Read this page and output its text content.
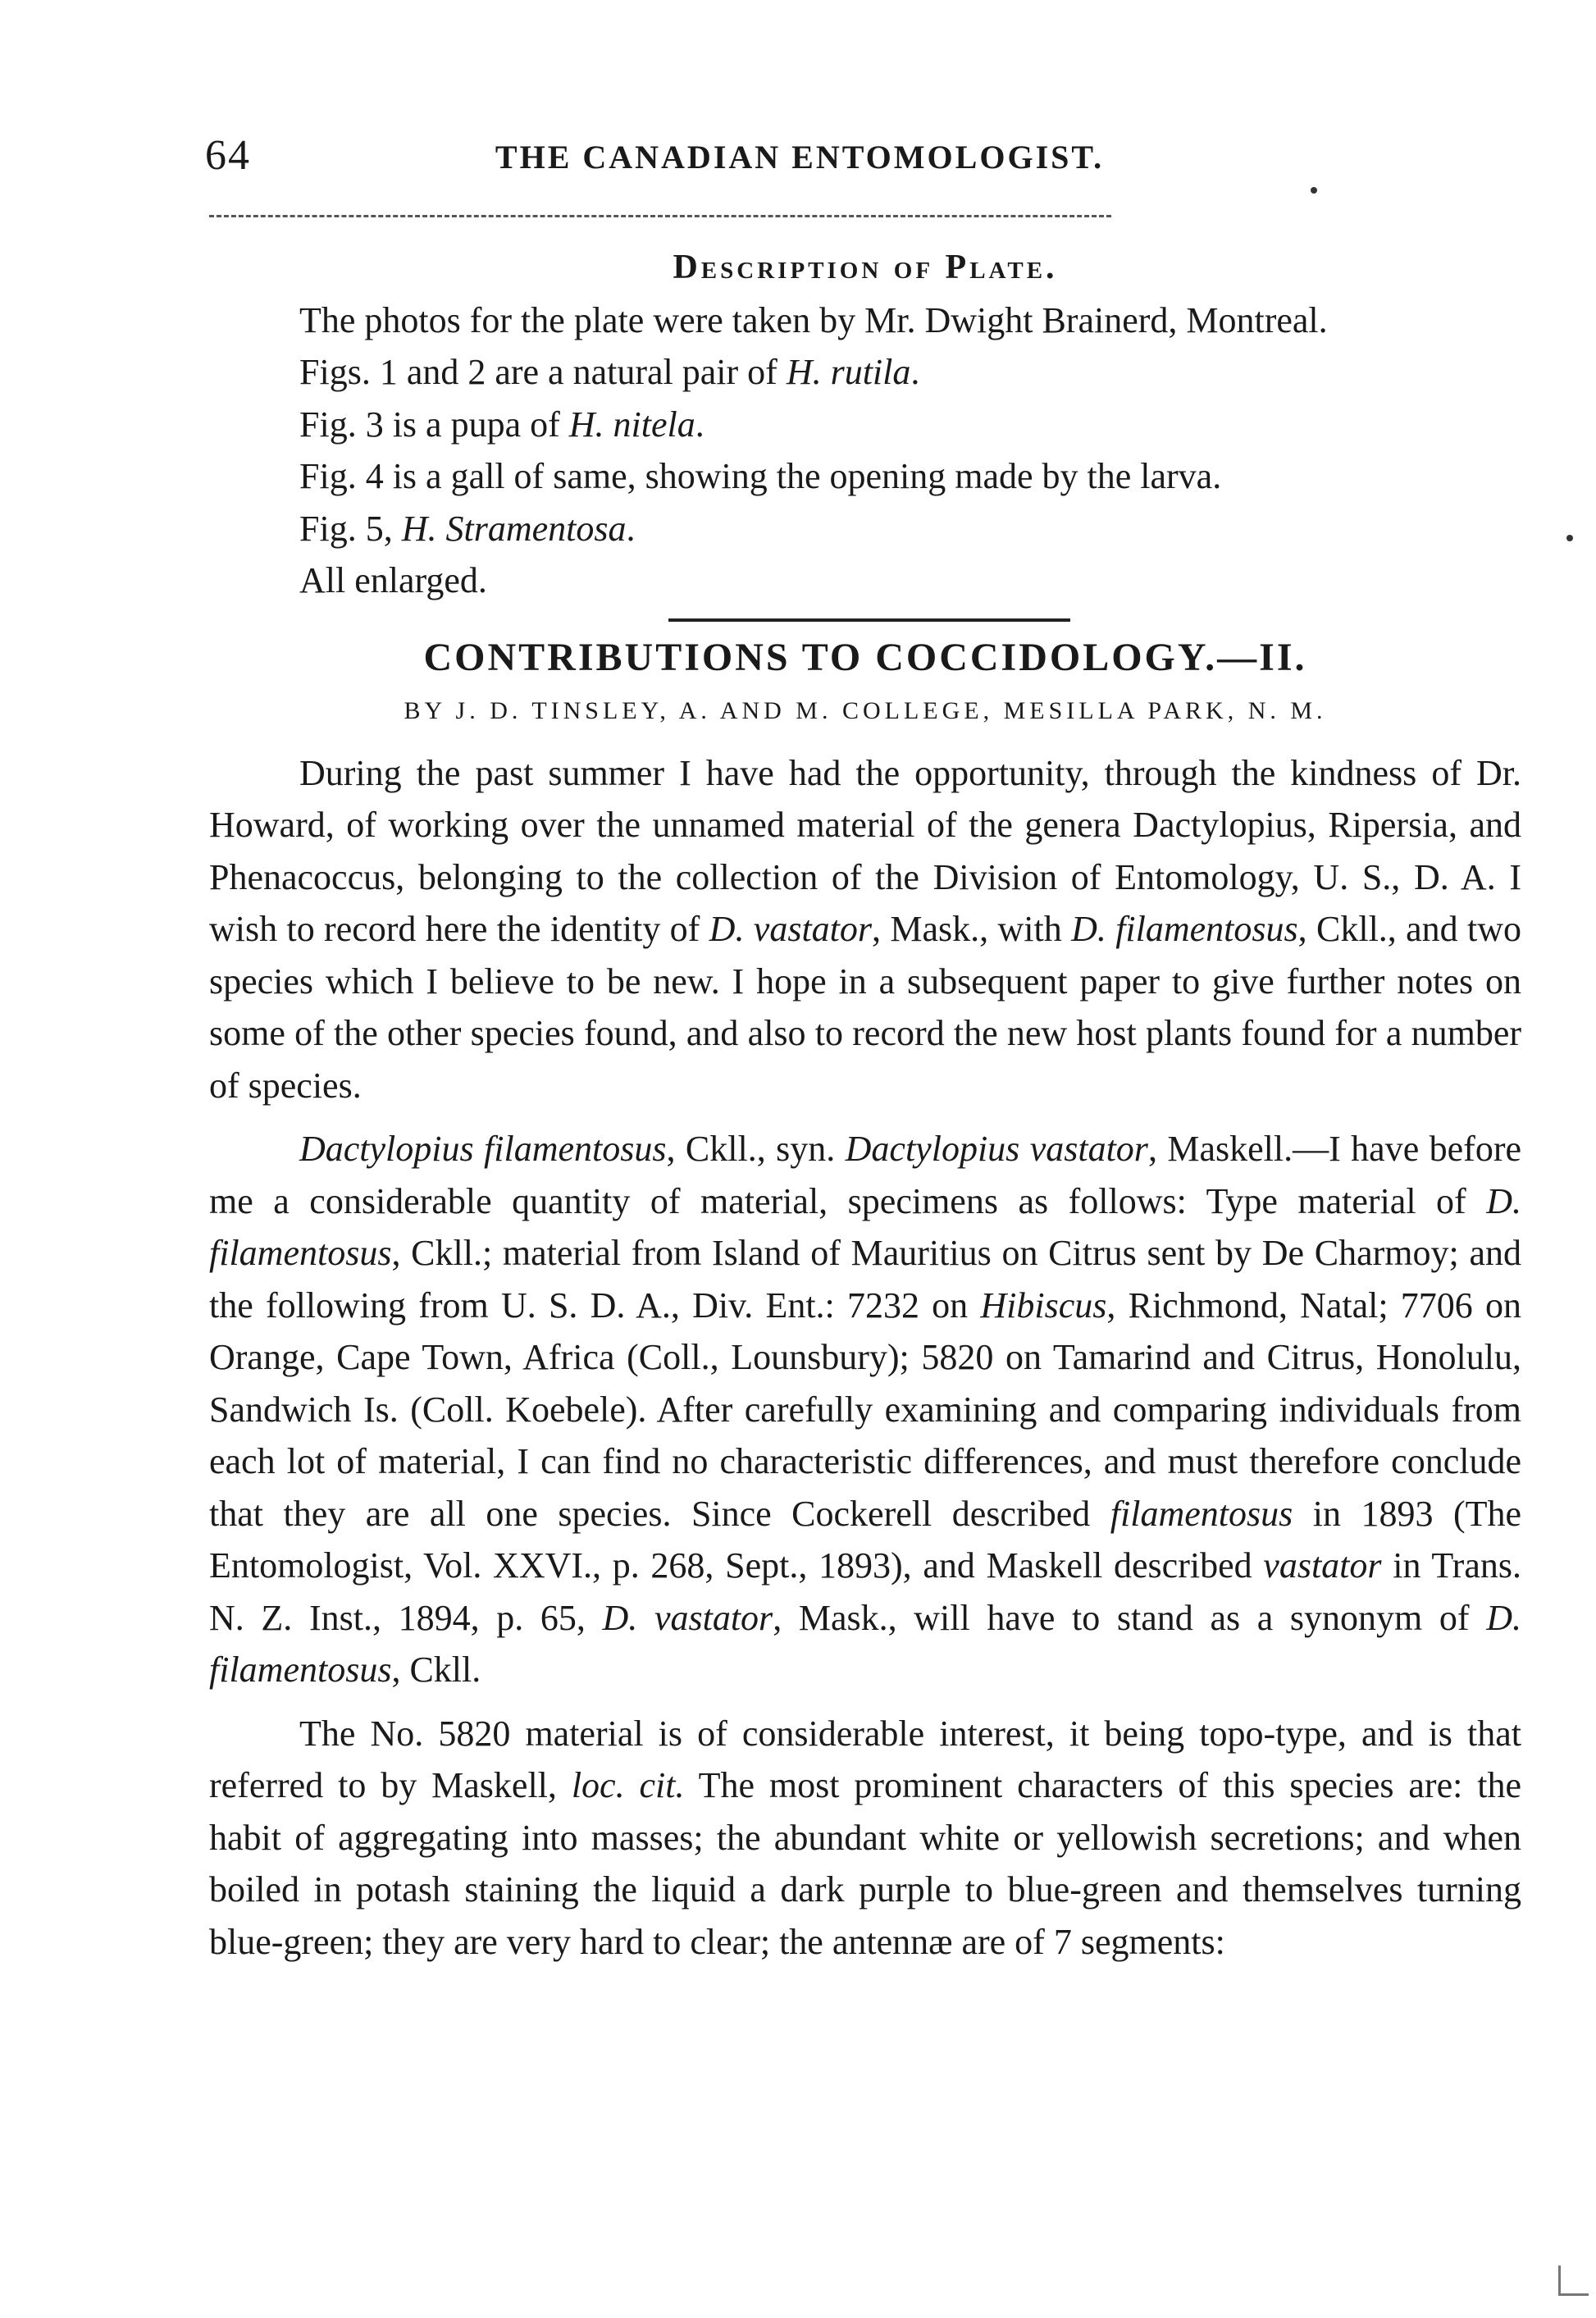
64	THE CANADIAN ENTOMOLOGIST.
Description of Plate.

The photos for the plate were taken by Mr. Dwight Brainerd, Montreal.

Figs. 1 and 2 are a natural pair of H. rutila.
Fig. 3 is a pupa of H. nitela.
Fig. 4 is a gall of same, showing the opening made by the larva.
Fig. 5, H. Stramentosa.
All enlarged.
CONTRIBUTIONS TO COCCIDOLOGY.—II.
BY J. D. TINSLEY, A. AND M. COLLEGE, MESILLA PARK, N. M.

During the past summer I have had the opportunity, through the kindness of Dr. Howard, of working over the unnamed material of the genera Dactylopius, Ripersia, and Phenacoccus, belonging to the collection of the Division of Entomology, U. S., D. A. I wish to record here the identity of D. vastator, Mask., with D. filamentosus, Ckll., and two species which I believe to be new. I hope in a subsequent paper to give further notes on some of the other species found, and also to record the new host plants found for a number of species.

Dactylopius filamentosus, Ckll., syn. Dactylopius vastator, Maskell.—I have before me a considerable quantity of material, specimens as follows: Type material of D. filamentosus, Ckll.; material from Island of Mauritius on Citrus sent by De Charmoy; and the following from U. S. D. A., Div. Ent.: 7232 on Hibiscus, Richmond, Natal; 7706 on Orange, Cape Town, Africa (Coll., Lounsbury); 5820 on Tamarind and Citrus, Honolulu, Sandwich Is. (Coll. Koebele). After carefully examining and comparing individuals from each lot of material, I can find no characteristic differences, and must therefore conclude that they are all one species. Since Cockerell described filamentosus in 1893 (The Entomologist, Vol. XXVI., p. 268, Sept., 1893), and Maskell described vastator in Trans. N. Z. Inst., 1894, p. 65, D. vastator, Mask., will have to stand as a synonym of D. filamentosus, Ckll.

The No. 5820 material is of considerable interest, it being topo-type, and is that referred to by Maskell, loc. cit. The most prominent characters of this species are: the habit of aggregating into masses; the abundant white or yellowish secretions; and when boiled in potash staining the liquid a dark purple to blue-green and themselves turning blue-green; they are very hard to clear; the antennæ are of 7 segments:
